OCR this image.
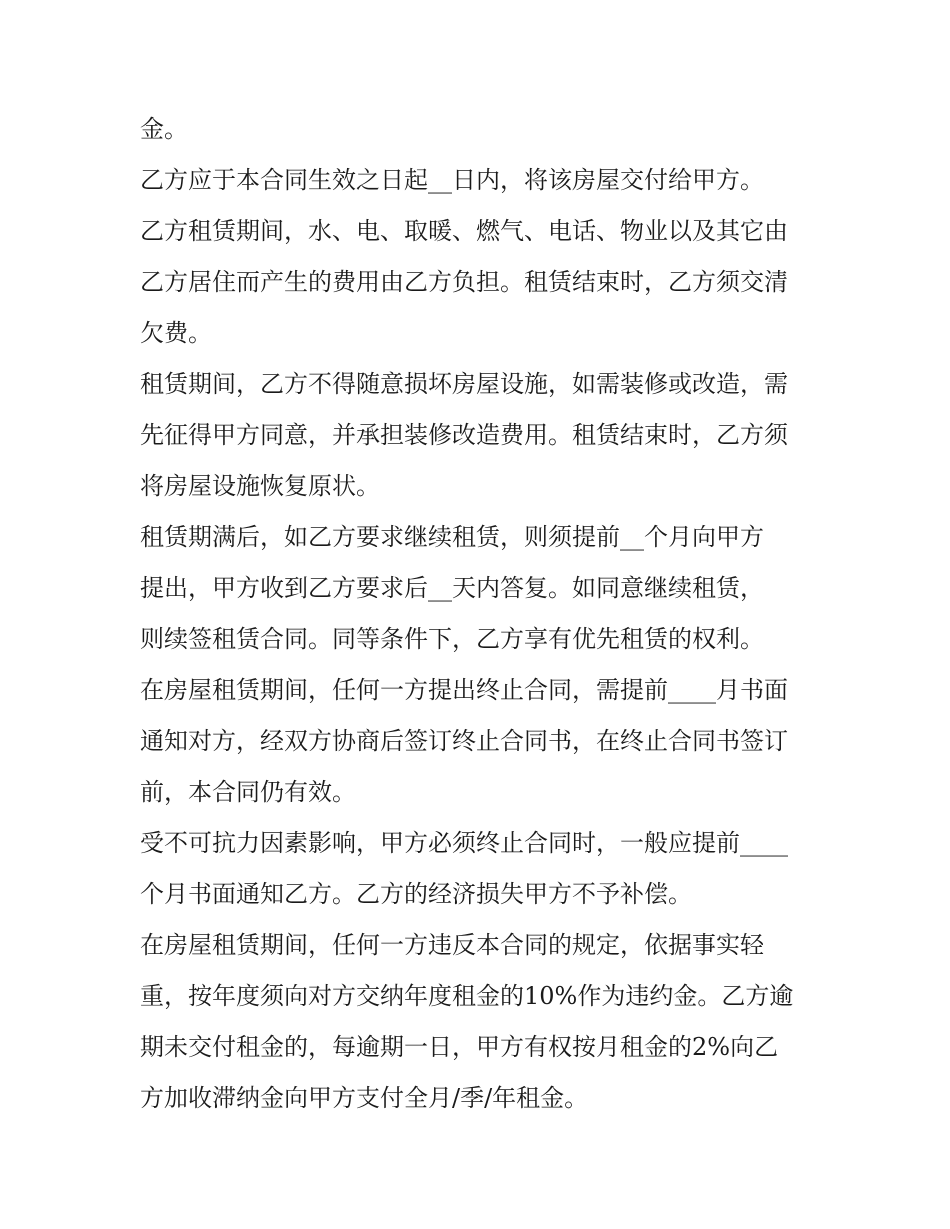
金。
乙方应于本合同生效之日起__日内，将该房屋交付给甲方。
乙方租赁期间，水、电、取暖、燃气、电话、物业以及其它由
乙方居住而产生的费用由乙方负担。租赁结束时，乙方须交清
欠费。
租赁期间，乙方不得随意损坏房屋设施，如需装修或改造，需
先征得甲方同意，并承担装修改造费用。租赁结束时，乙方须
将房屋设施恢复原状。
租赁期满后，如乙方要求继续租赁，则须提前__个月向甲方
提出，甲方收到乙方要求后__天内答复。如同意继续租赁，
则续签租赁合同。同等条件下，乙方享有优先租赁的权利。
在房屋租赁期间，任何一方提出终止合同，需提前____月书面
通知对方，经双方协商后签订终止合同书，在终止合同书签订
前，本合同仍有效。
受不可抗力因素影响，甲方必须终止合同时，一般应提前____
个月书面通知乙方。乙方的经济损失甲方不予补偿。
在房屋租赁期间，任何一方违反本合同的规定，依据事实轻
重，按年度须向对方交纳年度租金的10%作为违约金。乙方逾
期未交付租金的，每逾期一日，甲方有权按月租金的2%向乙
方加收滞纳金向甲方支付全月/季/年租金。
